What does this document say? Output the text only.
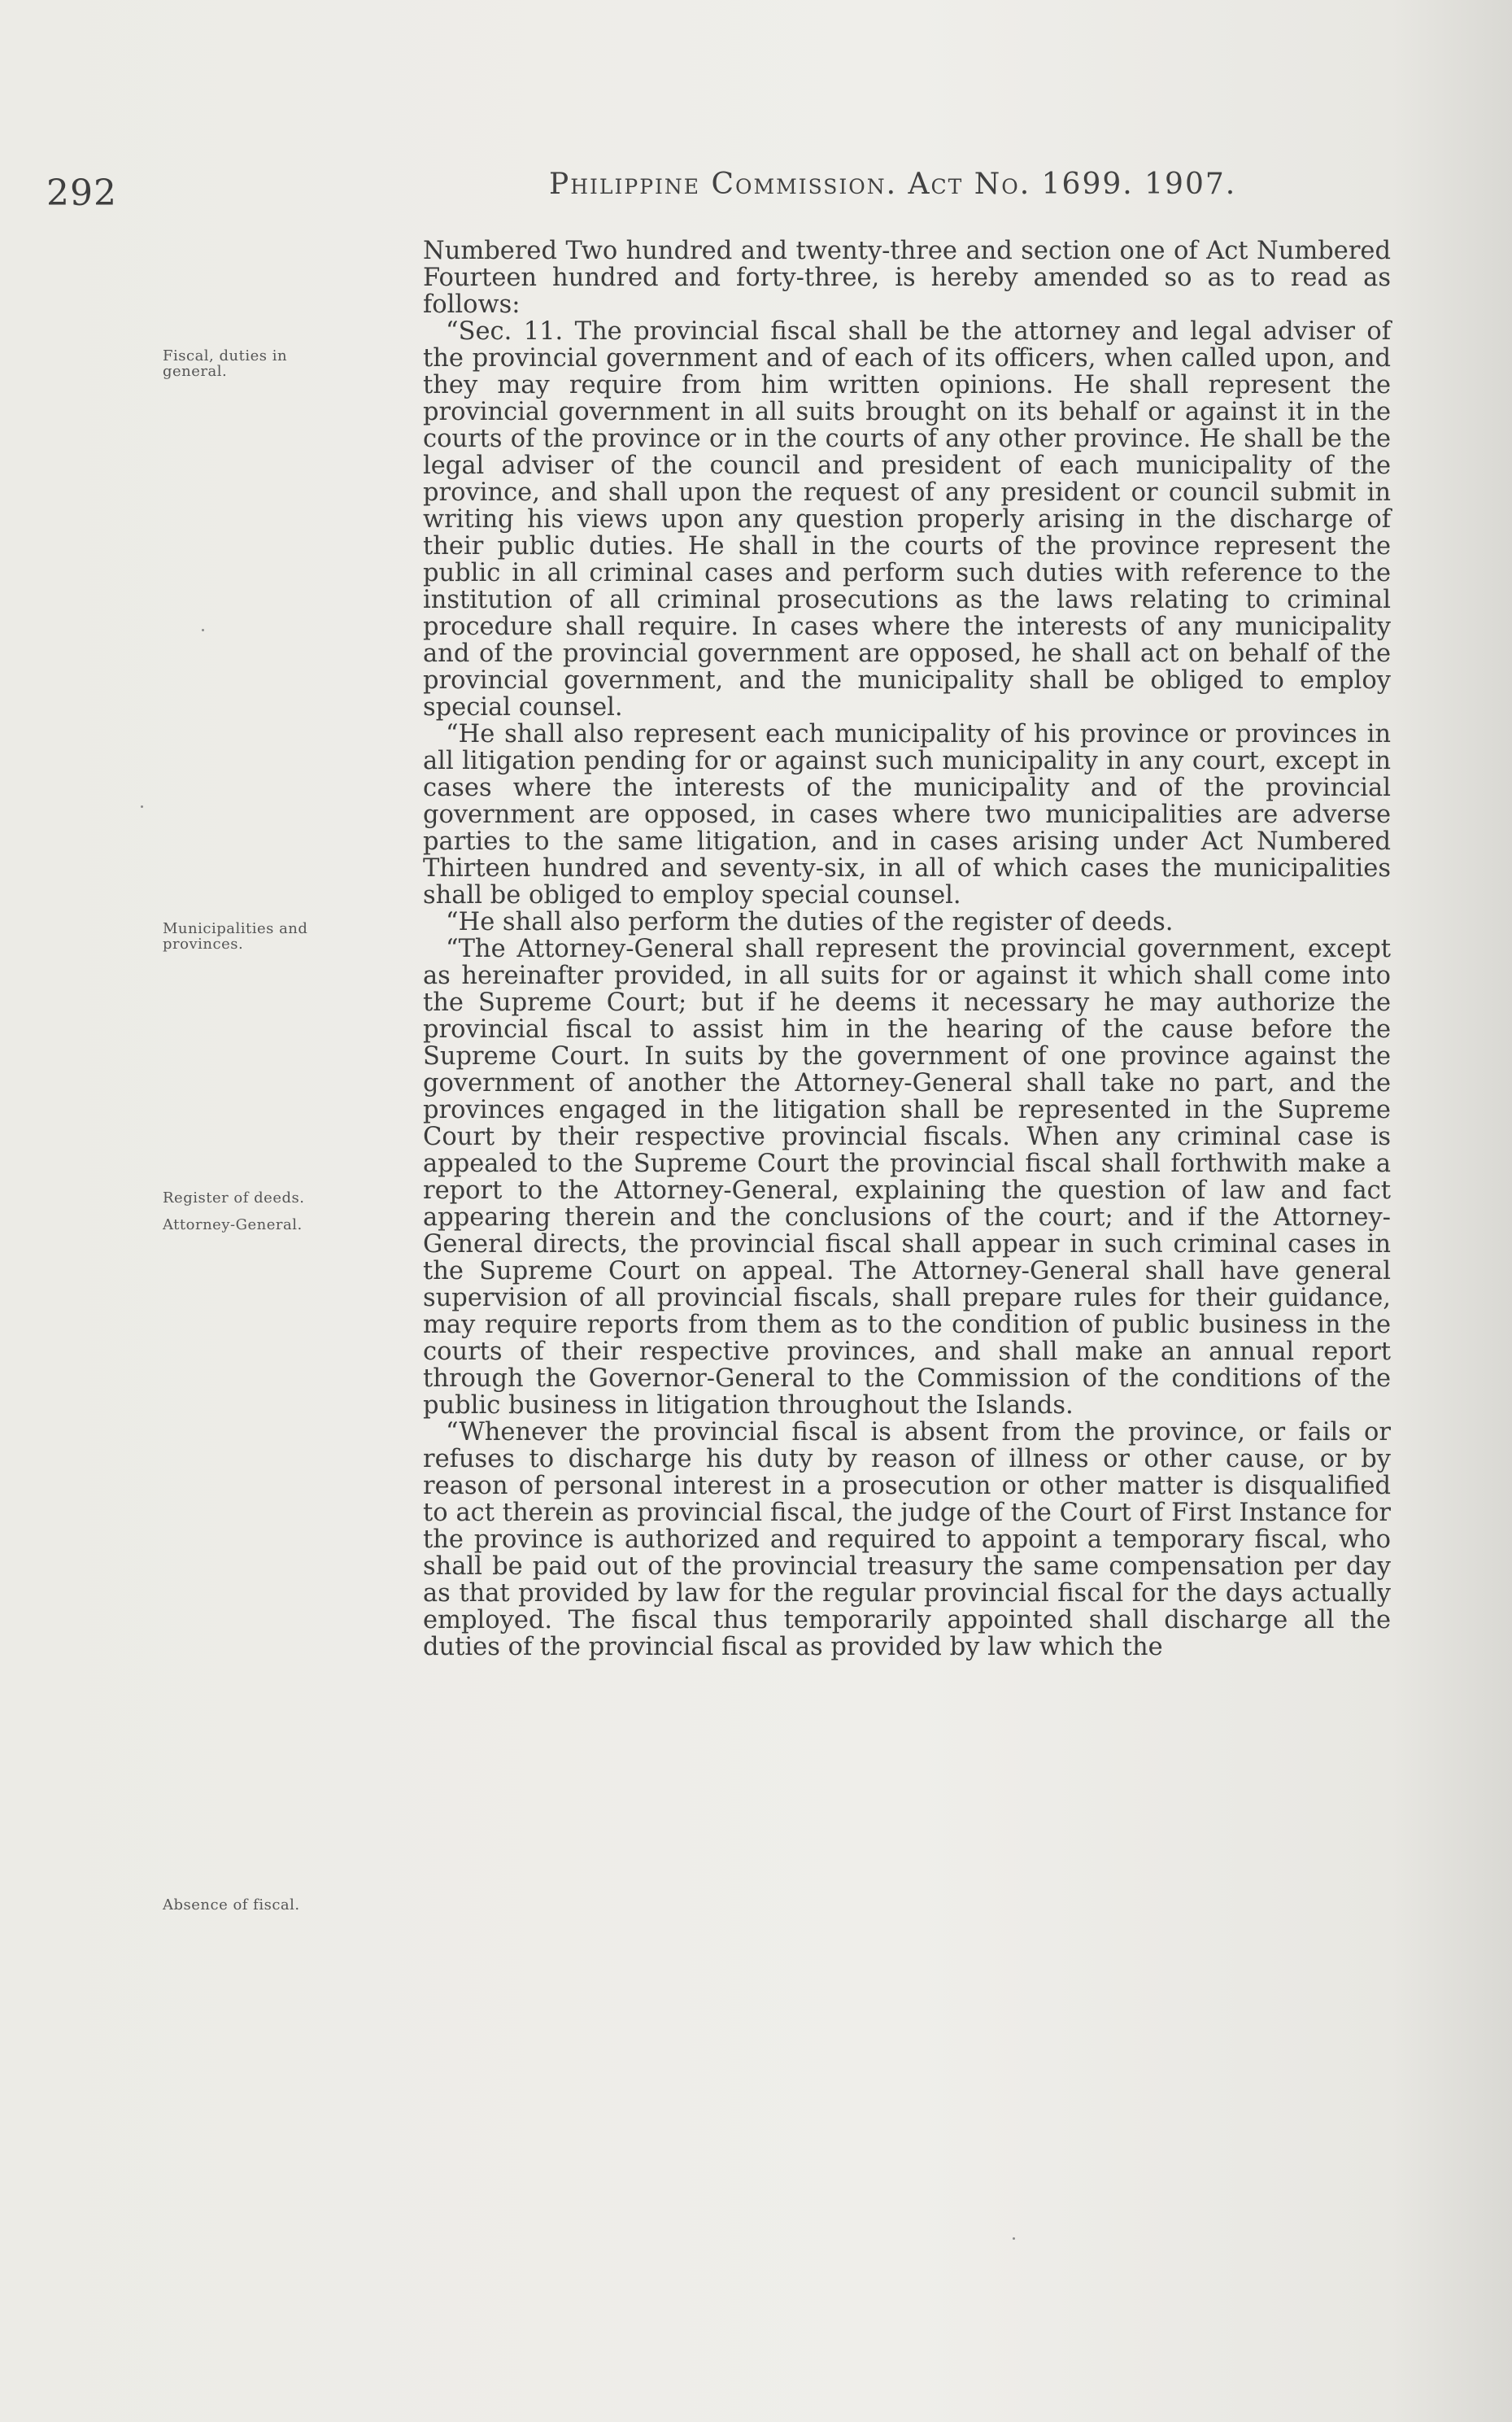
292	Philippine Commission. Act No. 1699. 1907.
Fiscal, duties in
general.
Municipalities and
provinces.
Register of deeds.
Attorney-General.
Absence of fiscal.

Numbered Two hundred and twenty-three and section one of Act Numbered Fourteen hundred and forty-three, is hereby amended so as to read as follows:

“Sec. 11. The provincial fiscal shall be the attorney and legal adviser of the provincial government and of each of its officers, when called upon, and they may require from him written opinions. He shall represent the provincial government in all suits brought on its behalf or against it in the courts of the province or in the courts of any other province. He shall be the legal adviser of the council and president of each municipality of the province, and shall upon the request of any president or council submit in writing his views upon any question properly arising in the discharge of their public duties. He shall in the courts of the province represent the public in all criminal cases and perform such duties with reference to the institution of all criminal prosecutions as the laws relating to criminal procedure shall require. In cases where the interests of any municipality and of the provincial government are opposed, he shall act on behalf of the provincial government, and the municipality shall be obliged to employ special counsel.

“He shall also represent each municipality of his province or provinces in all litigation pending for or against such municipality in any court, except in cases where the interests of the municipality and of the provincial government are opposed, in cases where two municipalities are adverse parties to the same litigation, and in cases arising under Act Numbered Thirteen hundred and seventy-six, in all of which cases the municipalities shall be obliged to employ special counsel.

“He shall also perform the duties of the register of deeds.

“The Attorney-General shall represent the provincial government, except as hereinafter provided, in all suits for or against it which shall come into the Supreme Court; but if he deems it necessary he may authorize the provincial fiscal to assist him in the hearing of the cause before the Supreme Court. In suits by the government of one province against the government of another the Attorney-General shall take no part, and the provinces engaged in the litigation shall be represented in the Supreme Court by their respective provincial fiscals. When any criminal case is appealed to the Supreme Court the provincial fiscal shall forthwith make a report to the Attorney-General, explaining the question of law and fact appearing therein and the conclusions of the court; and if the Attorney-General directs, the provincial fiscal shall appear in such criminal cases in the Supreme Court on appeal. The Attorney-General shall have general supervision of all provincial fiscals, shall prepare rules for their guidance, may require reports from them as to the condition of public business in the courts of their respective provinces, and shall make an annual report through the Governor-General to the Commission of the conditions of the public business in litigation throughout the Islands.

“Whenever the provincial fiscal is absent from the province, or fails or refuses to discharge his duty by reason of illness or other cause, or by reason of personal interest in a prosecution or other matter is disqualified to act therein as provincial fiscal, the judge of the Court of First Instance for the province is authorized and required to appoint a temporary fiscal, who shall be paid out of the provincial treasury the same compensation per day as that provided by law for the regular provincial fiscal for the days actually employed. The fiscal thus temporarily appointed shall discharge all the duties of the provincial fiscal as provided by law which the
